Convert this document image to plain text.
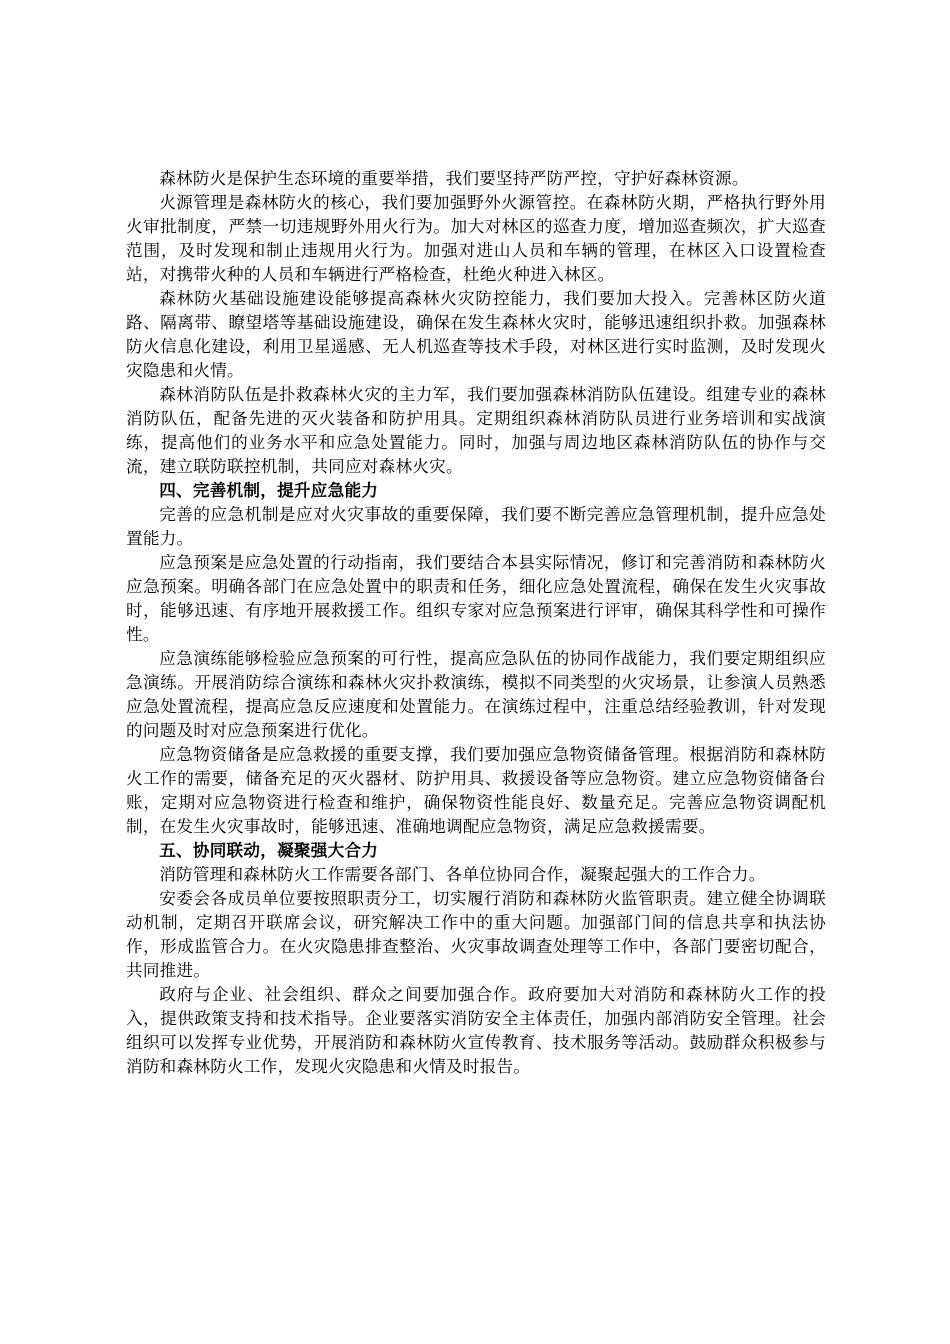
森林防火是保护生态环境的重要举措，我们要坚持严防严控，守护好森林资源。

火源管理是森林防火的核心，我们要加强野外火源管控。在森林防火期，严格执行野外用火审批制度，严禁一切违规野外用火行为。加大对林区的巡查力度，增加巡查频次，扩大巡查范围，及时发现和制止违规用火行为。加强对进山人员和车辆的管理，在林区入口设置检查站，对携带火种的人员和车辆进行严格检查，杜绝火种进入林区。

森林防火基础设施建设能够提高森林火灾防控能力，我们要加大投入。完善林区防火道路、隔离带、瞭望塔等基础设施建设，确保在发生森林火灾时，能够迅速组织扑救。加强森林防火信息化建设，利用卫星遥感、无人机巡查等技术手段，对林区进行实时监测，及时发现火灾隐患和火情。

森林消防队伍是扑救森林火灾的主力军，我们要加强森林消防队伍建设。组建专业的森林消防队伍，配备先进的灭火装备和防护用具。定期组织森林消防队员进行业务培训和实战演练，提高他们的业务水平和应急处置能力。同时，加强与周边地区森林消防队伍的协作与交流，建立联防联控机制，共同应对森林火灾。

四、完善机制，提升应急能力

完善的应急机制是应对火灾事故的重要保障，我们要不断完善应急管理机制，提升应急处置能力。

应急预案是应急处置的行动指南，我们要结合本县实际情况，修订和完善消防和森林防火应急预案。明确各部门在应急处置中的职责和任务，细化应急处置流程，确保在发生火灾事故时，能够迅速、有序地开展救援工作。组织专家对应急预案进行评审，确保其科学性和可操作性。

应急演练能够检验应急预案的可行性，提高应急队伍的协同作战能力，我们要定期组织应急演练。开展消防综合演练和森林火灾扑救演练，模拟不同类型的火灾场景，让参演人员熟悉应急处置流程，提高应急反应速度和处置能力。在演练过程中，注重总结经验教训，针对发现的问题及时对应急预案进行优化。

应急物资储备是应急救援的重要支撑，我们要加强应急物资储备管理。根据消防和森林防火工作的需要，储备充足的灭火器材、防护用具、救援设备等应急物资。建立应急物资储备台账，定期对应急物资进行检查和维护，确保物资性能良好、数量充足。完善应急物资调配机制，在发生火灾事故时，能够迅速、准确地调配应急物资，满足应急救援需要。

五、协同联动，凝聚强大合力

消防管理和森林防火工作需要各部门、各单位协同合作，凝聚起强大的工作合力。

安委会各成员单位要按照职责分工，切实履行消防和森林防火监管职责。建立健全协调联动机制，定期召开联席会议，研究解决工作中的重大问题。加强部门间的信息共享和执法协作，形成监管合力。在火灾隐患排查整治、火灾事故调查处理等工作中，各部门要密切配合，共同推进。

政府与企业、社会组织、群众之间要加强合作。政府要加大对消防和森林防火工作的投入，提供政策支持和技术指导。企业要落实消防安全主体责任，加强内部消防安全管理。社会组织可以发挥专业优势，开展消防和森林防火宣传教育、技术服务等活动。鼓励群众积极参与消防和森林防火工作，发现火灾隐患和火情及时报告。
